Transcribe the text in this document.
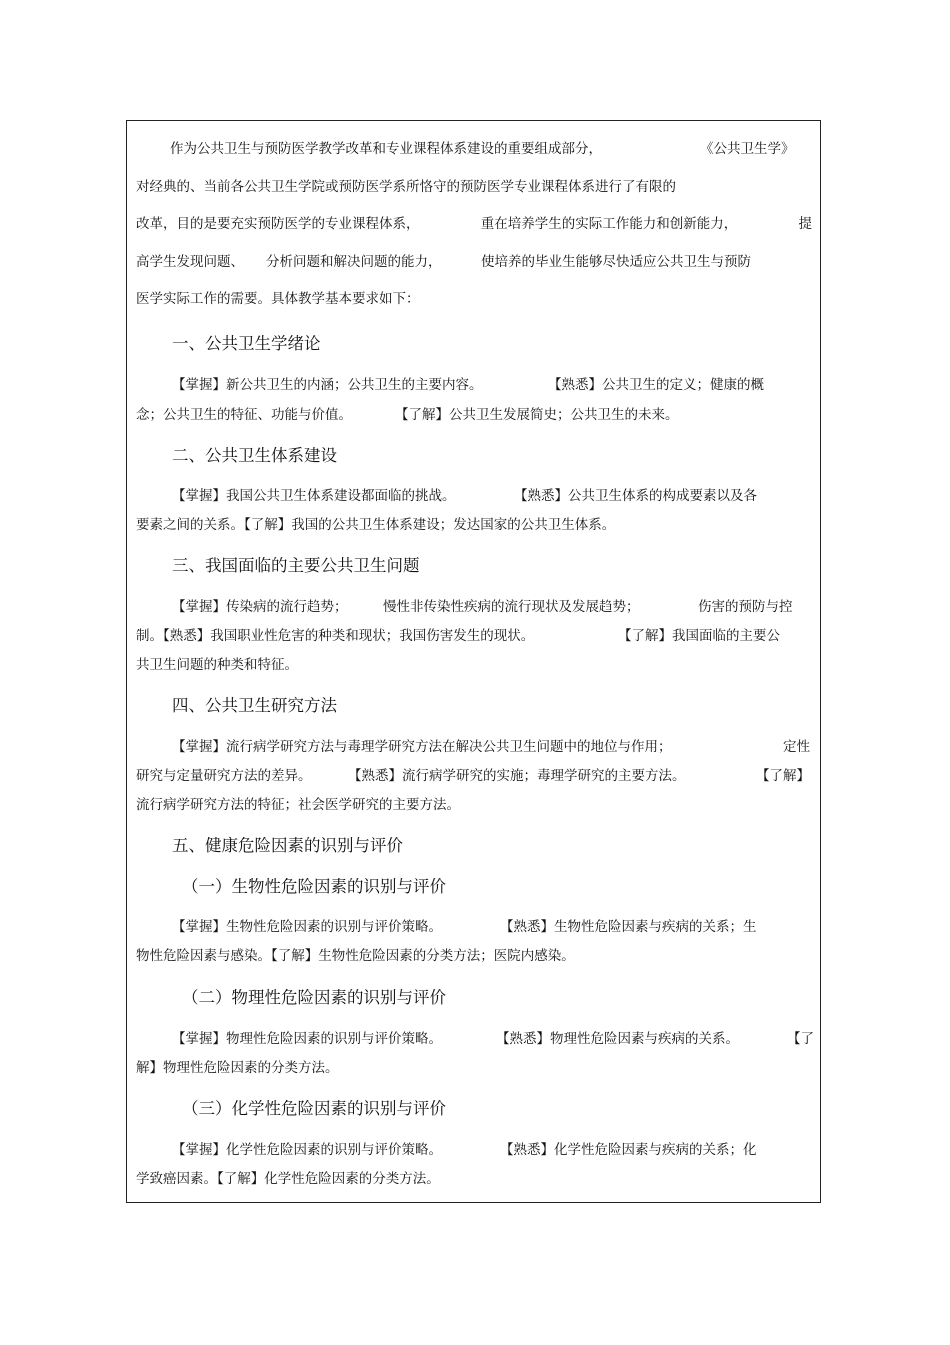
作为公共卫生与预防医学教学改革和专业课程体系建设的重要组成部分，	《公共卫生学》
对经典的、当前各公共卫生学院或预防医学系所恪守的预防医学专业课程体系进行了有限的
改革，目的是要充实预防医学的专业课程体系，	重在培养学生的实际工作能力和创新能力，	提
高学生发现问题、 分析问题和解决问题的能力，	使培养的毕业生能够尽快适应公共卫生与预防
医学实际工作的需要。具体教学基本要求如下：
一、公共卫生学绪论
【掌握】新公共卫生的内涵；公共卫生的主要内容。	【熟悉】公共卫生的定义；健康的概
念；公共卫生的特征、功能与价值。	【了解】公共卫生发展简史；公共卫生的未来。
二、公共卫生体系建设
【掌握】我国公共卫生体系建设都面临的挑战。	【熟悉】公共卫生体系的构成要素以及各
要素之间的关系。【了解】我国的公共卫生体系建设；发达国家的公共卫生体系。
三、我国面临的主要公共卫生问题
【掌握】传染病的流行趋势；	慢性非传染性疾病的流行现状及发展趋势；	伤害的预防与控
制。【熟悉】我国职业性危害的种类和现状；我国伤害发生的现状。	【了解】我国面临的主要公
共卫生问题的种类和特征。
四、公共卫生研究方法
【掌握】流行病学研究方法与毒理学研究方法在解决公共卫生问题中的地位与作用；	定性
研究与定量研究方法的差异。	【熟悉】流行病学研究的实施；毒理学研究的主要方法。	【了解】
流行病学研究方法的特征；社会医学研究的主要方法。
五、健康危险因素的识别与评价
（一）生物性危险因素的识别与评价
【掌握】生物性危险因素的识别与评价策略。	【熟悉】生物性危险因素与疾病的关系；生
物性危险因素与感染。【了解】生物性危险因素的分类方法；医院内感染。
（二）物理性危险因素的识别与评价
【掌握】物理性危险因素的识别与评价策略。	【熟悉】物理性危险因素与疾病的关系。	【了
解】物理性危险因素的分类方法。
（三）化学性危险因素的识别与评价
【掌握】化学性危险因素的识别与评价策略。	【熟悉】化学性危险因素与疾病的关系；化
学致癌因素。【了解】化学性危险因素的分类方法。
